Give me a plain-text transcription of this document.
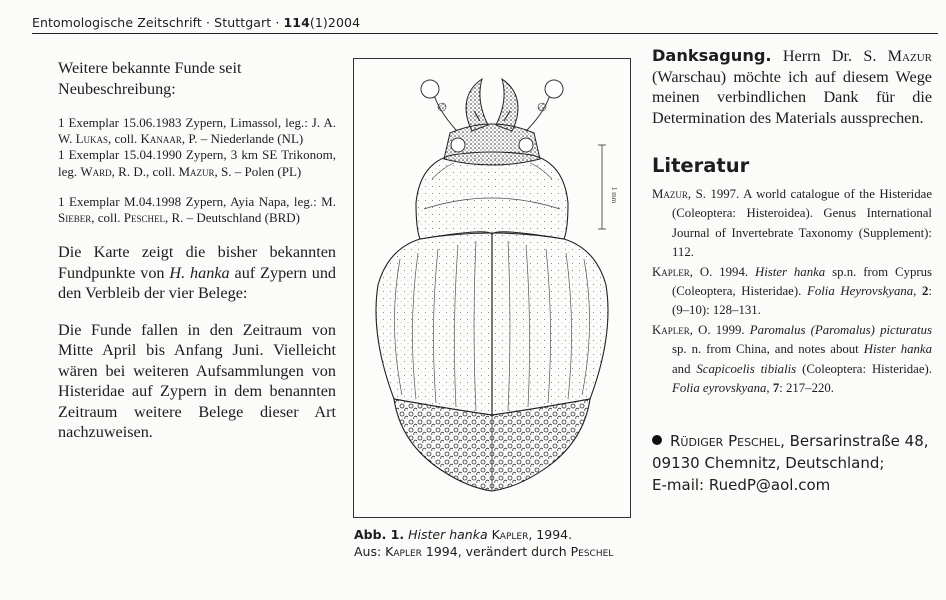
Entomologische Zeitschrift · Stuttgart · 114(1)2004

Weitere bekannte Funde seit Neubeschreibung:

1 Exemplar 15.06.1983 Zypern, Limassol, leg.: J. A. W. Lukas, coll. Kanaar, P. – Niederlande (NL)

1 Exemplar 15.04.1990 Zypern, 3 km SE Trikonom, leg. Ward, R. D., coll. Mazur, S. – Polen (PL)

1 Exemplar M.04.1998 Zypern, Ayia Napa, leg.: M. Sieber, coll. Peschel, R. – Deutschland (BRD)

Die Karte zeigt die bisher bekannten Fundpunkte von H. hanka auf Zypern und den Verbleib der vier Belege:

Die Funde fallen in den Zeitraum von Mitte April bis Anfang Juni. Vielleicht wären bei weiteren Aufsammlungen von Histeridae auf Zypern in dem benannten Zeitraum weitere Belege dieser Art nachzuweisen.

1 mm
Abb. 1. Hister hanka Kapler, 1994.
Aus: Kapler 1994, verändert durch Peschel

Danksagung. Herrn Dr. S. Mazur (Warschau) möchte ich auf diesem Wege meinen verbindlichen Dank für die Determination des Materials aussprechen.

Literatur

Mazur, S. 1997. A world catalogue of the Histeridae (Coleoptera: Histeroidea). Genus International Journal of Invertebrate Taxonomy (Supplement): 112.

Kapler, O. 1994. Hister hanka sp.n. from Cyprus (Coleoptera, Histeridae). Folia Heyrovskyana, 2: (9–10): 128–131.

Kapler, O. 1999. Paromalus (Paromalus) picturatus sp. n. from China, and notes about Hister hanka and Scapicoelis tibialis (Coleoptera: Histeridae). Folia eyrovskyana, 7: 217–220.

Rüdiger Peschel, Bersarinstraße 48,

09130 Chemnitz, Deutschland;

E-mail: RuedP@aol.com
